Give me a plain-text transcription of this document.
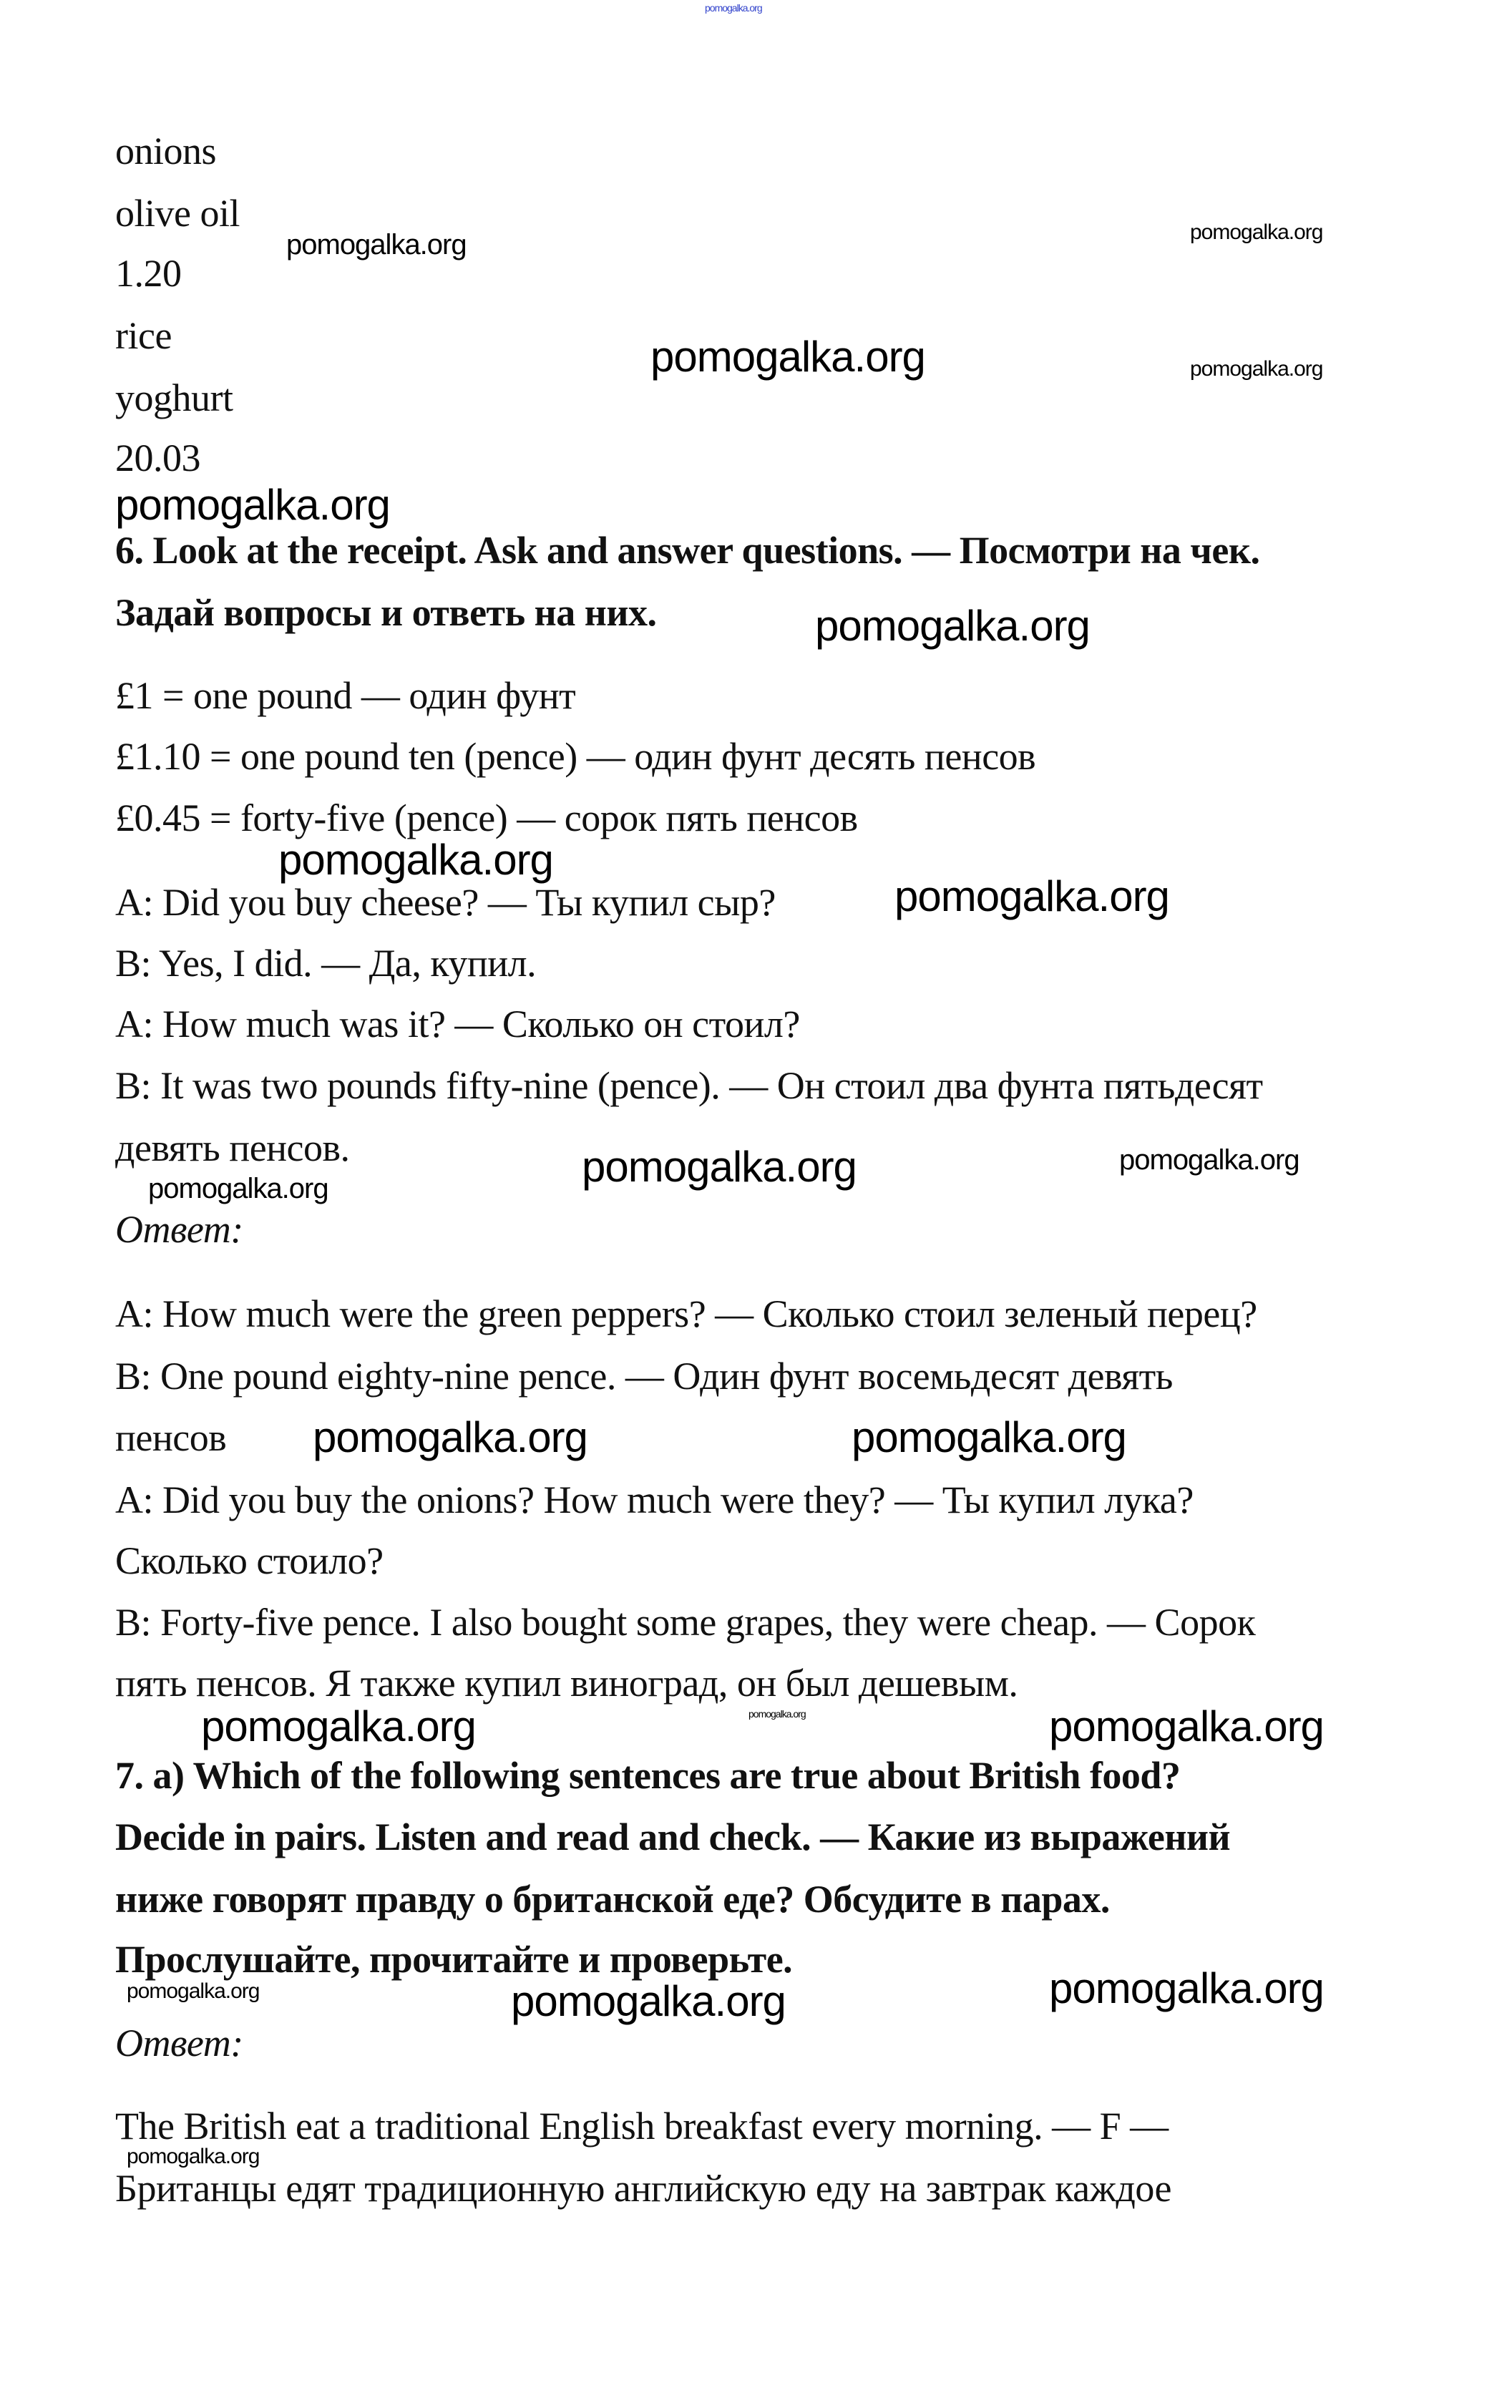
onions
olive oil
1.20
rice
yoghurt
20.03
6. Look at the receipt. Ask and answer questions. — Посмотри на чек.
Задай вопросы и ответь на них.
£1 = one pound — один фунт
£1.10 = one pound ten (pence) — один фунт десять пенсов
£0.45 = forty-five (pence) — сорок пять пенсов
A: Did you buy cheese? — Ты купил сыр?
B: Yes, I did. — Да, купил.
A: How much was it? — Сколько он стоил?
B: It was two pounds fifty-nine (pence). — Он стоил два фунта пятьдесят
девять пенсов.
Ответ:
A: How much were the green peppers? — Сколько стоил зеленый перец?
B: One pound eighty-nine pence. — Один фунт восемьдесят девять
пенсов
A: Did you buy the onions? How much were they? — Ты купил лука?
Сколько стоило?
B: Forty-five pence. I also bought some grapes, they were cheap. — Сорок
пять пенсов. Я также купил виноград, он был дешевым.
7. a) Which of the following sentences are true about British food?
Decide in pairs. Listen and read and check. — Какие из выражений
ниже говорят правду о британской еде? Обсудите в парах.
Прослушайте, прочитайте и проверьте.
Ответ:
The British eat a traditional English breakfast every morning. — F —
Британцы едят традиционную английскую еду на завтрак каждое
pomogalka.org
pomogalka.org	pomogalka.org
pomogalka.org	pomogalka.org
pomogalka.org
pomogalka.org
pomogalka.org
pomogalka.org
pomogalka.org	pomogalka.org	pomogalka.org
pomogalka.org	pomogalka.org
pomogalka.org	pomogalka.org	pomogalka.org
pomogalka.org	pomogalka.org	pomogalka.org
pomogalka.org
